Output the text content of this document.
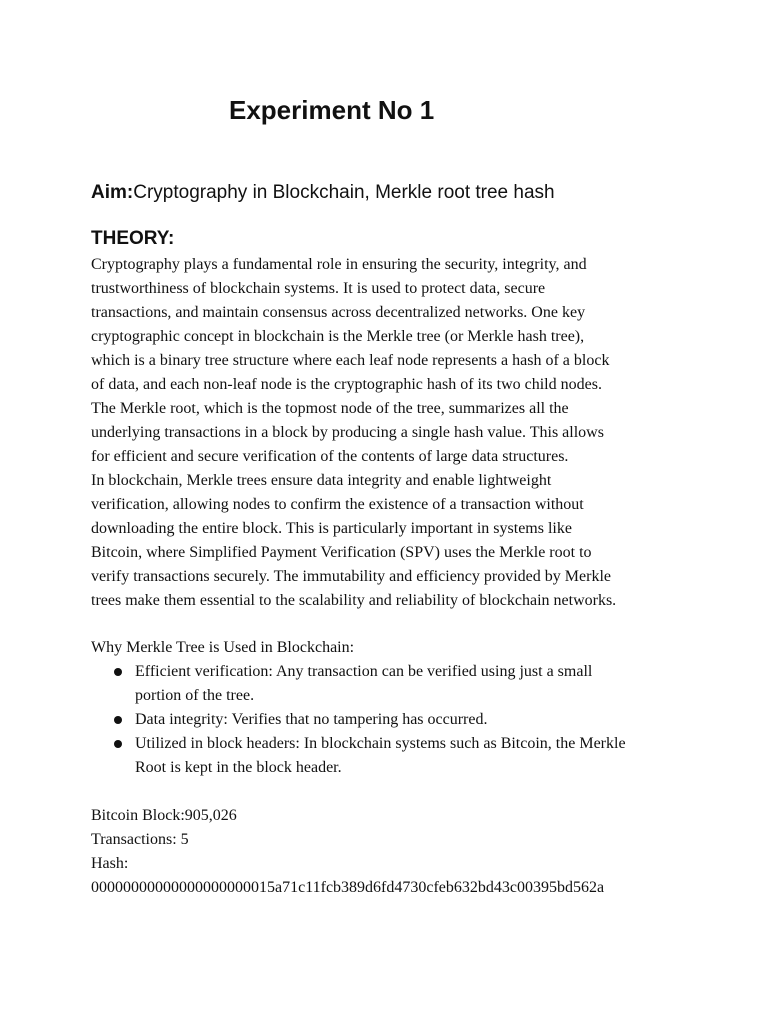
Experiment No 1

Aim:Cryptography in Blockchain, Merkle root tree hash

THEORY:
Cryptography plays a fundamental role in ensuring the security, integrity, and
trustworthiness of blockchain systems. It is used to protect data, secure
transactions, and maintain consensus across decentralized networks. One key
cryptographic concept in blockchain is the Merkle tree (or Merkle hash tree),
which is a binary tree structure where each leaf node represents a hash of a block
of data, and each non-leaf node is the cryptographic hash of its two child nodes.
The Merkle root, which is the topmost node of the tree, summarizes all the
underlying transactions in a block by producing a single hash value. This allows
for efficient and secure verification of the contents of large data structures.
In blockchain, Merkle trees ensure data integrity and enable lightweight
verification, allowing nodes to confirm the existence of a transaction without
downloading the entire block. This is particularly important in systems like
Bitcoin, where Simplified Payment Verification (SPV) uses the Merkle root to
verify transactions securely. The immutability and efficiency provided by Merkle
trees make them essential to the scalability and reliability of blockchain networks.
Why Merkle Tree is Used in Blockchain:
Efficient verification: Any transaction can be verified using just a small
portion of the tree.
Data integrity: Verifies that no tampering has occurred.
Utilized in block headers: In blockchain systems such as Bitcoin, the Merkle
Root is kept in the block header.
Bitcoin Block:905,026
Transactions: 5
Hash:
00000000000000000000015a71c11fcb389d6fd4730cfeb632bd43c00395bd562a
